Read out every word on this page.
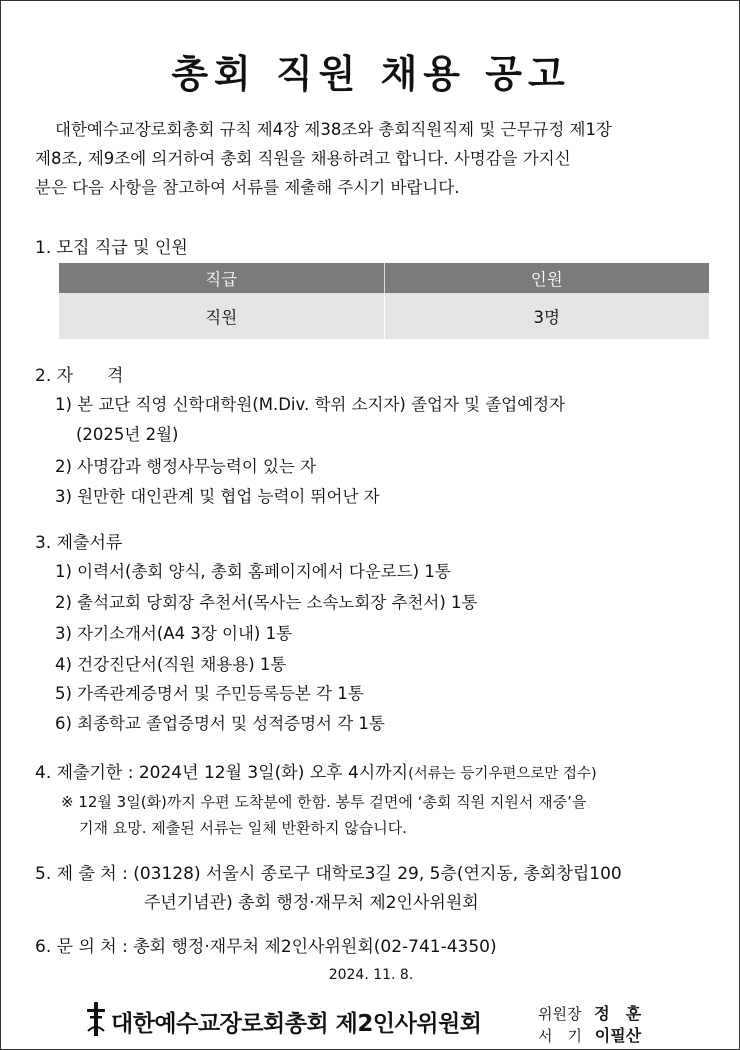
총회 직원 채용 공고
대한예수교장로회총회 규칙 제4장 제38조와 총회직원직제 및 근무규정 제1장
제8조, 제9조에 의거하여 총회 직원을 채용하려고 합니다. 사명감을 가지신
분은 다음 사항을 참고하여 서류를 제출해 주시기 바랍니다.
1. 모집 직급 및 인원
직급	인원
직원	3명
2. 자　　격
1) 본 교단 직영 신학대학원(M.Div. 학위 소지자) 졸업자 및 졸업예정자
(2025년 2월)
2) 사명감과 행정사무능력이 있는 자
3) 원만한 대인관계 및 협업 능력이 뛰어난 자
3. 제출서류
1) 이력서(총회 양식, 총회 홈페이지에서 다운로드) 1통
2) 출석교회 당회장 추천서(목사는 소속노회장 추천서) 1통
3) 자기소개서(A4 3장 이내) 1통
4) 건강진단서(직원 채용용) 1통
5) 가족관계증명서 및 주민등록등본 각 1통
6) 최종학교 졸업증명서 및 성적증명서 각 1통
4. 제출기한 : 2024년 12월 3일(화) 오후 4시까지(서류는 등기우편으로만 접수)
※ 12월 3일(화)까지 우편 도착분에 한함. 봉투 겉면에 ‘총회 직원 지원서 재중’을
기재 요망. 제출된 서류는 일체 반환하지 않습니다.
5. 제 출 처 : (03128) 서울시 종로구 대학로3길 29, 5층(연지동, 총회창립100
주년기념관) 총회 행정·재무처 제2인사위원회
6. 문 의 처 : 총회 행정·재무처 제2인사위원회(02-741-4350)
2024. 11. 8.
대한예수교장로회총회 제2인사위원회	위원장 정　훈
서　기 이필산
